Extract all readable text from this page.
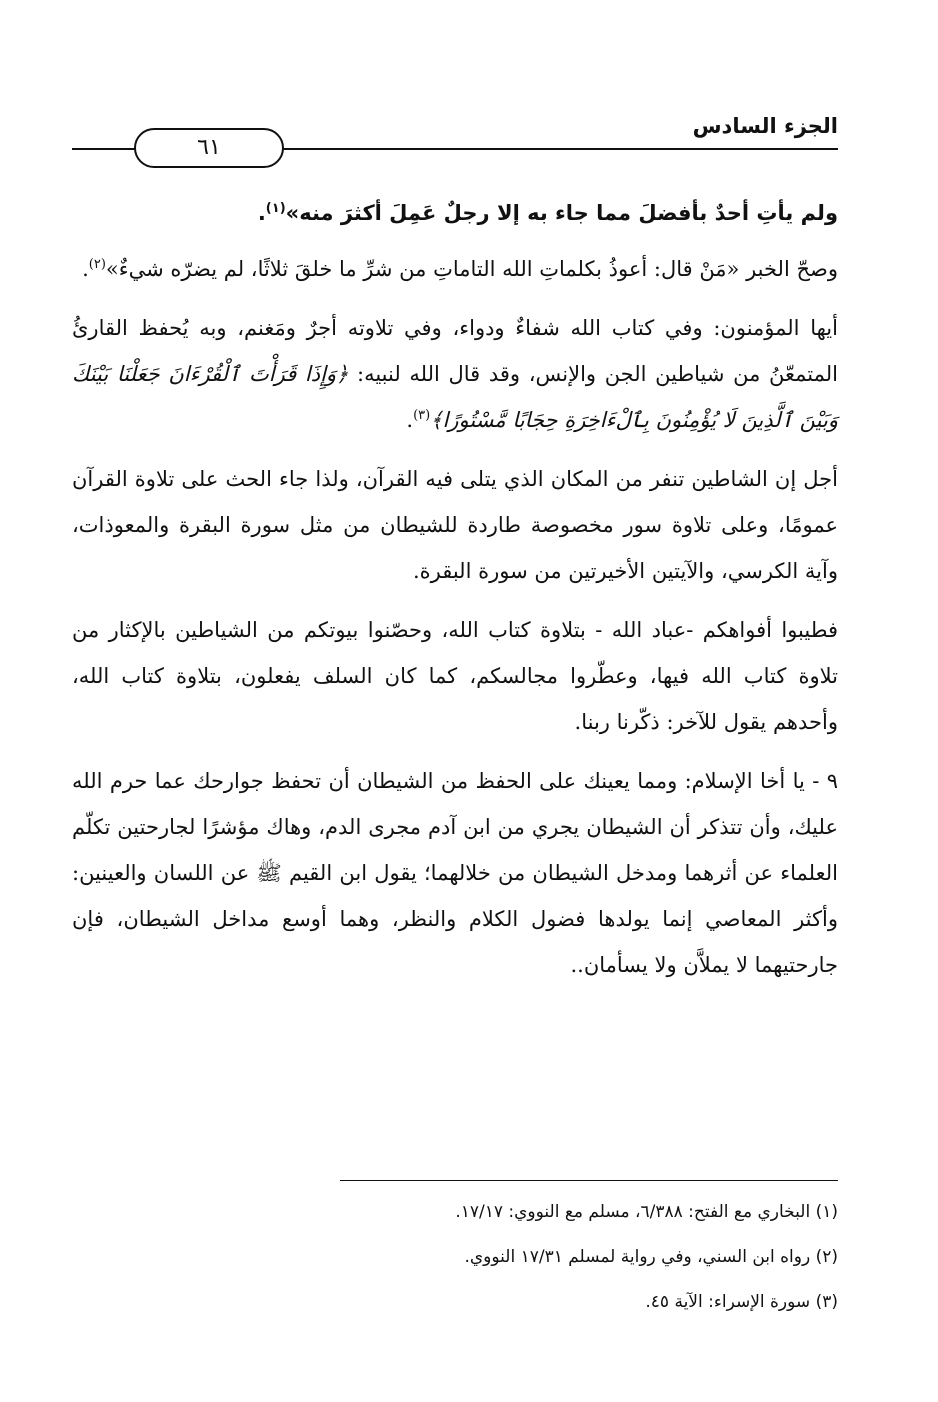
الجزء السادس
٦١

ولم يأتِ أحدٌ بأفضلَ مما جاء به إلا رجلٌ عَمِلَ أكثرَ منه»$^{(١)}$.

وصحّ الخبر «مَنْ قال: أعوذُ بكلماتِ الله التاماتِ من شرِّ ما خلقَ ثلاثًا، لم يضرّه شيءٌ»$^{(٢)}$.

أيها المؤمنون: وفي كتاب الله شفاءٌ ودواء، وفي تلاوته أجرٌ ومَغنم، وبه يُحفظ القارئُ المتمعّنُ من شياطين الجن والإنس، وقد قال الله لنبيه: ﴿وَإِذَا قَرَأْتَ ٱلْقُرْءَانَ جَعَلْنَا بَيْنَكَ وَبَيْنَ ٱلَّذِينَ لَا يُؤْمِنُونَ بِٱلْءَاخِرَةِ حِجَابًا مَّسْتُورًا﴾$^{(٣)}$.

أجل إن الشاطين تنفر من المكان الذي يتلى فيه القرآن، ولذا جاء الحث على تلاوة القرآن عمومًا، وعلى تلاوة سور مخصوصة طاردة للشيطان من مثل سورة البقرة والمعوذات، وآية الكرسي، والآيتين الأخيرتين من سورة البقرة.

فطيبوا أفواهكم -عباد الله - بتلاوة كتاب الله، وحصّنوا بيوتكم من الشياطين بالإكثار من تلاوة كتاب الله فيها، وعطّروا مجالسكم، كما كان السلف يفعلون، بتلاوة كتاب الله، وأحدهم يقول للآخر: ذكّرنا ربنا.

٩ - يا أخا الإسلام: ومما يعينك على الحفظ من الشيطان أن تحفظ جوارحك عما حرم الله عليك، وأن تتذكر أن الشيطان يجري من ابن آدم مجرى الدم، وهاك مؤشرًا لجارحتين تكلّم العلماء عن أثرهما ومدخل الشيطان من خلالهما؛ يقول ابن القيم ﷺ عن اللسان والعينين: وأكثر المعاصي إنما يولدها فضول الكلام والنظر، وهما أوسع مداخل الشيطان، فإن جارحتيهما لا يملاَّن ولا يسأمان..

(١) البخاري مع الفتح: ٦/٣٨٨، مسلم مع النووي: ١٧/١٧.

(٢) رواه ابن السني، وفي رواية لمسلم ١٧/٣١ النووي.

(٣) سورة الإسراء: الآية ٤٥.
